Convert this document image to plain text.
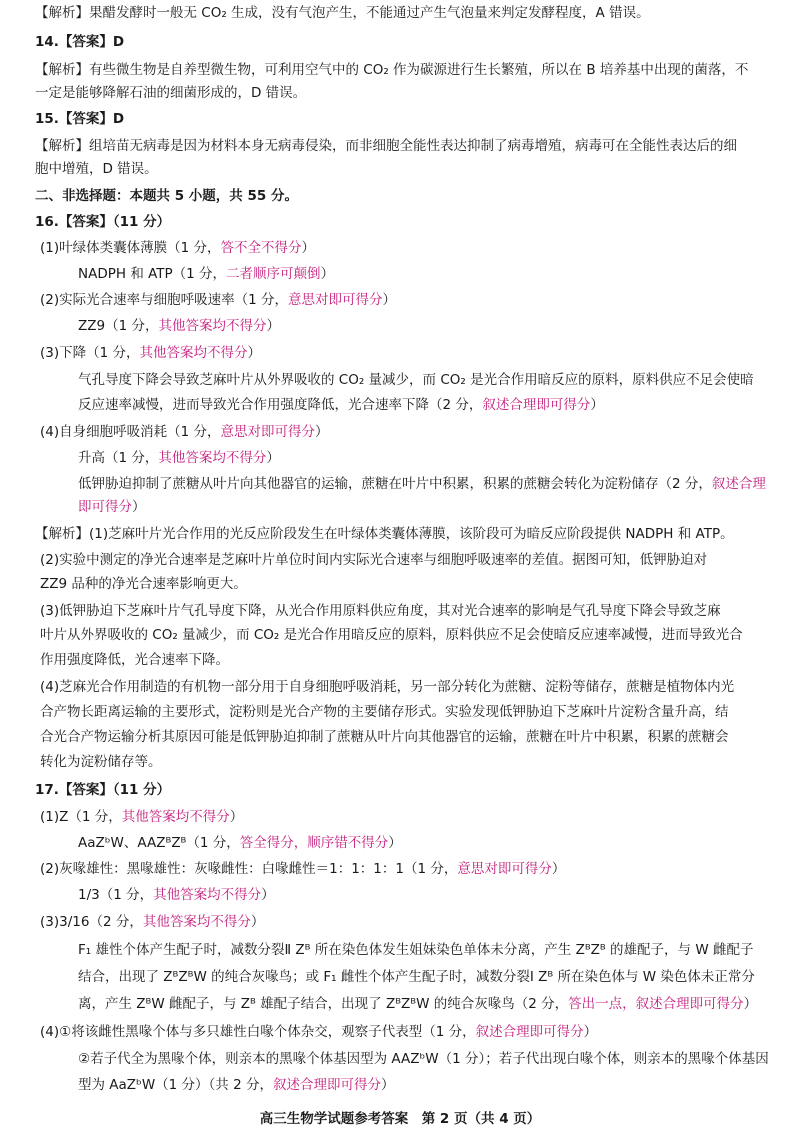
【解析】果醋发酵时一般无 CO₂ 生成，没有气泡产生，不能通过产生气泡量来判定发酵程度，A 错误。
14.【答案】D
【解析】有些微生物是自养型微生物，可利用空气中的 CO₂ 作为碳源进行生长繁殖，所以在 B 培养基中出现的菌落，不
一定是能够降解石油的细菌形成的，D 错误。
15.【答案】D
【解析】组培苗无病毒是因为材料本身无病毒侵染，而非细胞全能性表达抑制了病毒增殖，病毒可在全能性表达后的细
胞中增殖，D 错误。
二、非选择题：本题共 5 小题，共 55 分。
16.【答案】（11 分）
(1)叶绿体类囊体薄膜（1 分，答不全不得分）
NADPH 和 ATP（1 分，二者顺序可颠倒）
(2)实际光合速率与细胞呼吸速率（1 分，意思对即可得分）
ZZ9（1 分，其他答案均不得分）
(3)下降（1 分，其他答案均不得分）
气孔导度下降会导致芝麻叶片从外界吸收的 CO₂ 量减少，而 CO₂ 是光合作用暗反应的原料，原料供应不足会使暗
反应速率减慢，进而导致光合作用强度降低，光合速率下降（2 分，叙述合理即可得分）
(4)自身细胞呼吸消耗（1 分，意思对即可得分）
升高（1 分，其他答案均不得分）
低钾胁迫抑制了蔗糖从叶片向其他器官的运输，蔗糖在叶片中积累，积累的蔗糖会转化为淀粉储存（2 分，叙述合理
即可得分）
【解析】(1)芝麻叶片光合作用的光反应阶段发生在叶绿体类囊体薄膜，该阶段可为暗反应阶段提供 NADPH 和 ATP。
(2)实验中测定的净光合速率是芝麻叶片单位时间内实际光合速率与细胞呼吸速率的差值。据图可知，低钾胁迫对
ZZ9 品种的净光合速率影响更大。
(3)低钾胁迫下芝麻叶片气孔导度下降，从光合作用原料供应角度，其对光合速率的影响是气孔导度下降会导致芝麻
叶片从外界吸收的 CO₂ 量减少，而 CO₂ 是光合作用暗反应的原料，原料供应不足会使暗反应速率减慢，进而导致光合
作用强度降低，光合速率下降。
(4)芝麻光合作用制造的有机物一部分用于自身细胞呼吸消耗，另一部分转化为蔗糖、淀粉等储存，蔗糖是植物体内光
合产物长距离运输的主要形式，淀粉则是光合产物的主要储存形式。实验发现低钾胁迫下芝麻叶片淀粉含量升高，结
合光合产物运输分析其原因可能是低钾胁迫抑制了蔗糖从叶片向其他器官的运输，蔗糖在叶片中积累，积累的蔗糖会
转化为淀粉储存等。
17.【答案】（11 分）
(1)Z（1 分，其他答案均不得分）
AaZᵇW、AAZᴮZᴮ（1 分，答全得分，顺序错不得分）
(2)灰喙雄性：黑喙雄性：灰喙雌性：白喙雌性＝1：1：1：1（1 分，意思对即可得分）
1/3（1 分，其他答案均不得分）
(3)3/16（2 分，其他答案均不得分）
F₁ 雄性个体产生配子时，减数分裂Ⅱ Zᴮ 所在染色体发生姐妹染色单体未分离，产生 ZᴮZᴮ 的雄配子，与 W 雌配子
结合，出现了 ZᴮZᴮW 的纯合灰喙鸟；或 F₁ 雌性个体产生配子时，减数分裂Ⅰ Zᴮ 所在染色体与 W 染色体未正常分
离，产生 ZᴮW 雌配子，与 Zᴮ 雄配子结合，出现了 ZᴮZᴮW 的纯合灰喙鸟（2 分，答出一点，叙述合理即可得分）
(4)①将该雌性黑喙个体与多只雄性白喙个体杂交，观察子代表型（1 分，叙述合理即可得分）
②若子代全为黑喙个体，则亲本的黑喙个体基因型为 AAZᵇW（1 分）；若子代出现白喙个体，则亲本的黑喙个体基因
型为 AaZᵇW（1 分）（共 2 分，叙述合理即可得分）
高三生物学试题参考答案　第 2 页（共 4 页）
